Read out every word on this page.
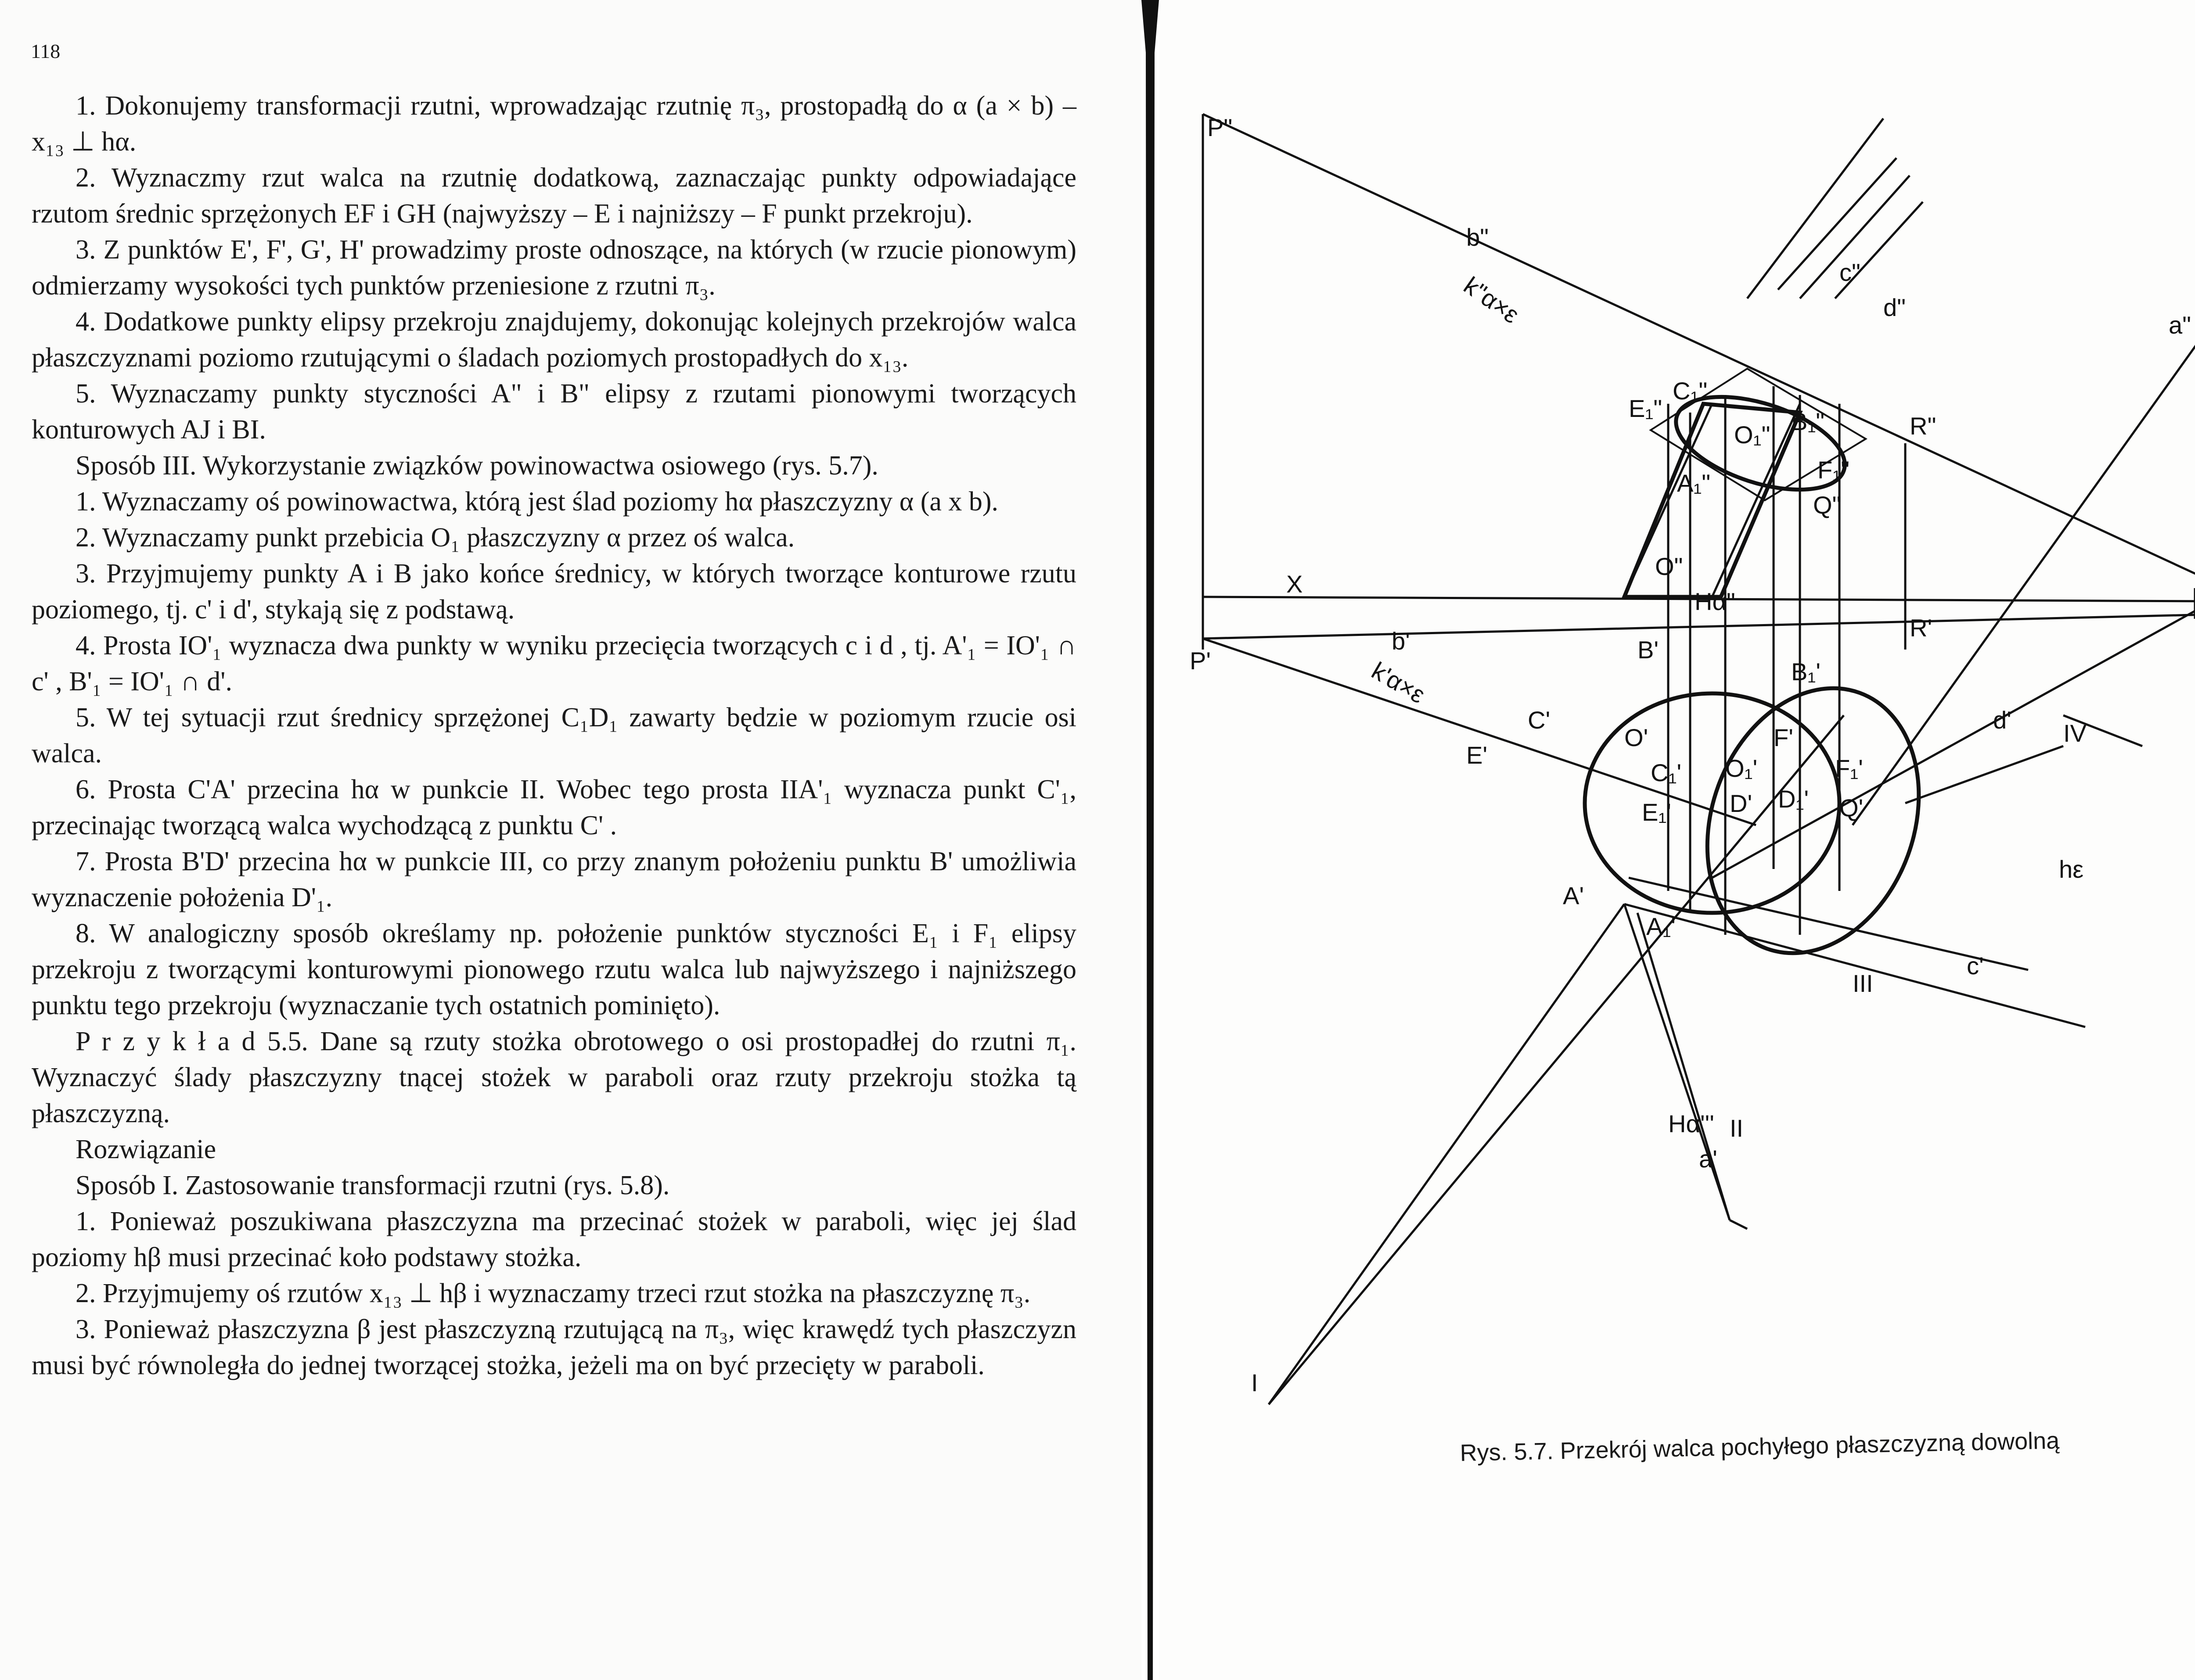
118

1. Dokonujemy transformacji rzutni, wprowadzając rzutnię π₃, prostopadłą do α (a × b) – x₁₃ ⊥ hα.

2. Wyznaczmy rzut walca na rzutnię dodatkową, zaznaczając punkty odpowiadające rzutom średnic sprzężonych EF i GH (najwyższy – E i najniższy – F punkt przekroju).

3. Z punktów E', F', G', H' prowadzimy proste odnoszące, na których (w rzucie pionowym) odmierzamy wysokości tych punktów przeniesione z rzutni π₃.

4. Dodatkowe punkty elipsy przekroju znajdujemy, dokonując kolejnych przekrojów walca płaszczyznami poziomo rzutującymi o śladach poziomych prostopadłych do x₁₃.

5. Wyznaczamy punkty styczności A" i B" elipsy z rzutami pionowymi tworzących konturowych AJ i BI.

Sposób III. Wykorzystanie związków powinowactwa osiowego (rys. 5.7).

1. Wyznaczamy oś powinowactwa, którą jest ślad poziomy hα płaszczyzny α (a x b).

2. Wyznaczamy punkt przebicia O₁ płaszczyzny α przez oś walca.

3. Przyjmujemy punkty A i B jako końce średnicy, w których tworzące konturowe rzutu poziomego, tj. c' i d', stykają się z podstawą.

4. Prosta IO'₁ wyznacza dwa punkty w wyniku przecięcia tworzących c i d , tj. A'₁ = IO'₁ ∩ c' , B'₁ = IO'₁ ∩ d'.

5. W tej sytuacji rzut średnicy sprzężonej C₁D₁ zawarty będzie w poziomym rzucie osi walca.

6. Prosta C'A' przecina hα w punkcie II. Wobec tego prosta IIA'₁ wyznacza punkt C'₁, przecinając tworzącą walca wychodzącą z punktu C' .

7. Prosta B'D' przecina hα w punkcie III, co przy znanym położeniu punktu B' umożliwia wyznaczenie położenia D'₁.

8. W analogiczny sposób określamy np. położenie punktów styczności E₁ i F₁ elipsy przekroju z tworzącymi konturowymi pionowego rzutu walca lub najwyższego i najniższego punktu tego przekroju (wyznaczanie tych ostatnich pominięto).

P r z y k ł a d 5.5. Dane są rzuty stożka obrotowego o osi prostopadłej do rzutni π₁. Wyznaczyć ślady płaszczyzny tnącej stożek w paraboli oraz rzuty przekroju stożka tą płaszczyzną.

Rozwiązanie

Sposób I. Zastosowanie transformacji rzutni (rys. 5.8).

1. Ponieważ poszukiwana płaszczyzna ma przecinać stożek w paraboli, więc jej ślad poziomy hβ musi przecinać koło podstawy stożka.

2. Przyjmujemy oś rzutów x₁₃ ⊥ hβ i wyznaczamy trzeci rzut stożka na płaszczyznę π₃.

3. Ponieważ płaszczyzna β jest płaszczyzną rzutującą na π₃, więc krawędź tych płaszczyzn musi być równoległa do jednej tworzącej stożka, jeżeli ma on być przecięty w paraboli.

P"
b"
k"α×ε	c"
d"
a"
C₁"
E₁"
O₁" B₁"
F₁"
A₁"
R"
Q"
O"
Hα"
X
P'
b'
k'α×ε
R'
B'
B₁'
C'
E'
O'	F'
O₁'
C₁'
E₁' D' D₁'
F₁'
Q'
d' IV
hε
A'
A₁'
III
c'
Hα''' II
a'
I
Rys. 5.7. Przekrój walca pochyłego płaszczyzną dowolną
